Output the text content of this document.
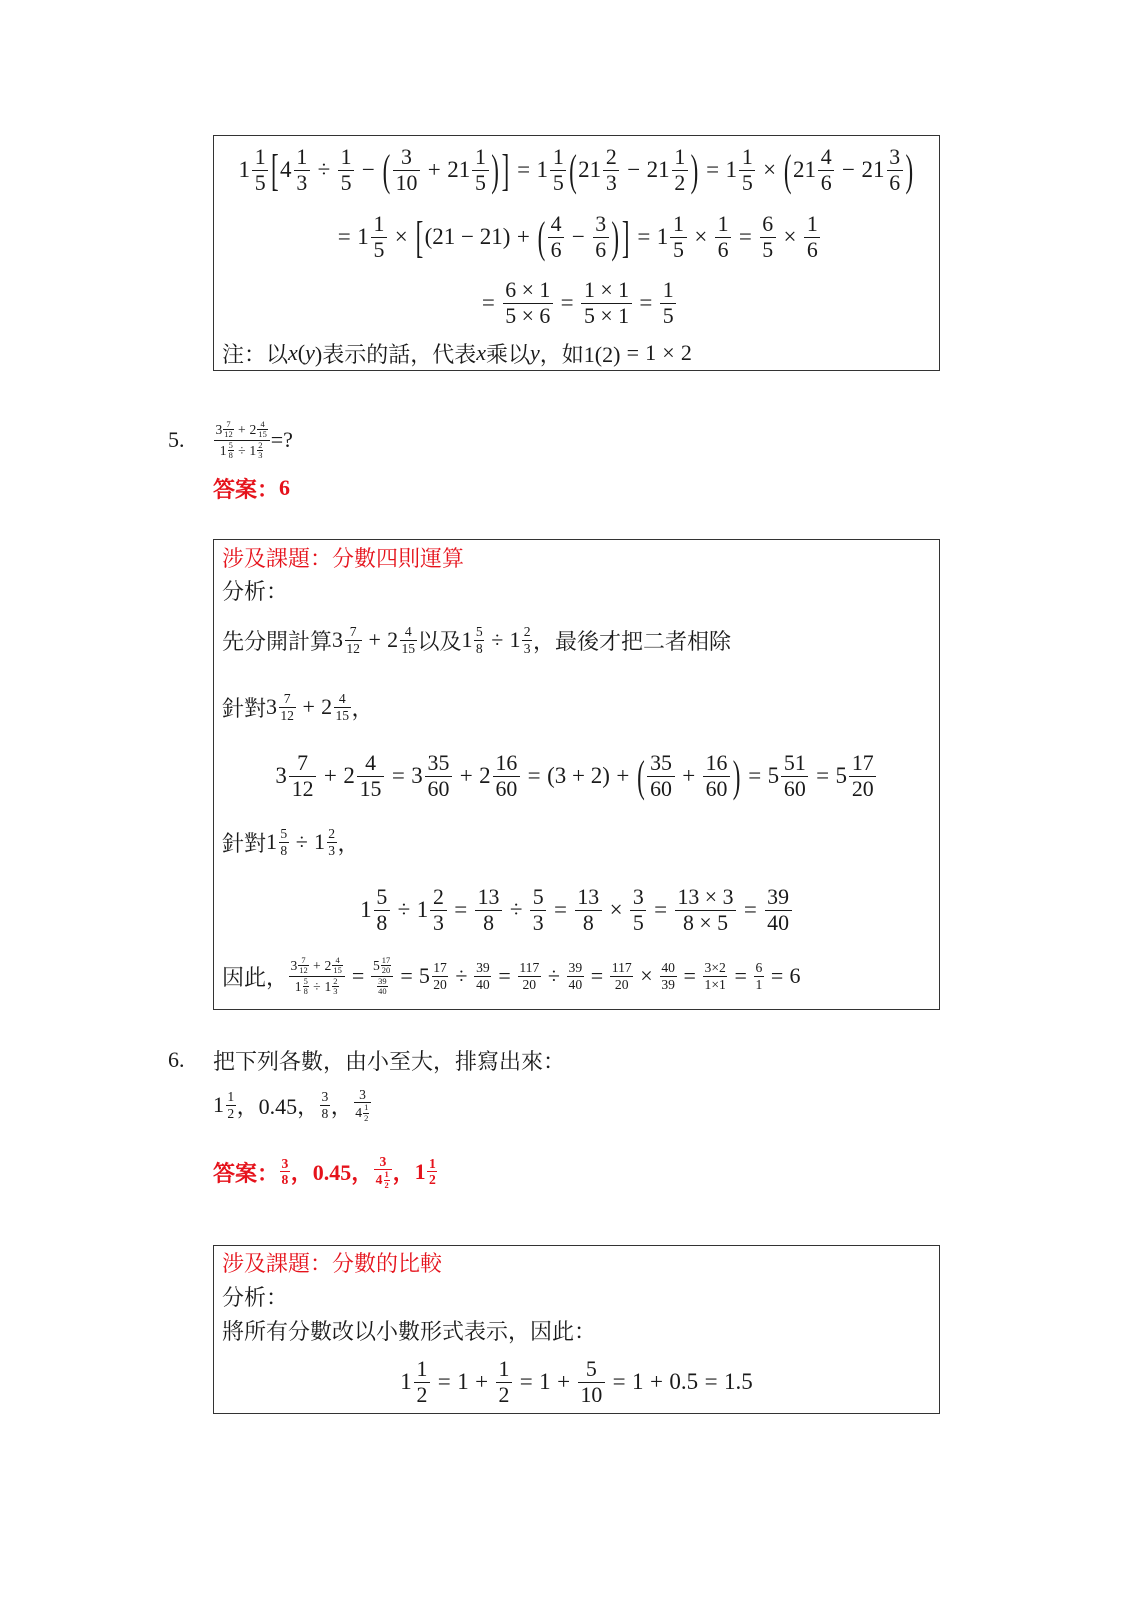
$1 \frac{1}{5}$ [ $4 \frac{1}{3} \div \frac{1}{5}$ − ( $\frac{3}{10} + 21 \frac{1}{5}$ ) ] = $1 \frac{1}{5}$ ( $21 \frac{2}{3} - 21 \frac{1}{2}$ ) = $1 \frac{1}{5}$ × ( $21 \frac{4}{6} - 21 \frac{3}{6}$ )
= $1 \frac{1}{5}$ × [ (21 − 21) + ( $\frac{4}{6} - \frac{3}{6}$ ) ] = $1 \frac{1}{5} \times \frac{1}{6} = \frac{6}{5} \times \frac{1}{6}$
= $\frac{6 \times 1}{5 \times 6} = \frac{1 \times 1}{5 \times 1} = \frac{1}{5}$
注：以 x ( y )表示的話，代表 x 乘以 y ，如1(2) = 1 × 2
5. $\frac{3 \frac{7}{12} + 2 \frac{4}{15}}{1 \frac{5}{8} \div 1 \frac{2}{3}}$ =?
答案： 6
涉及課題：分數四則運算
分析：
先分開計算 $3 \frac{7}{12} + 2 \frac{4}{15}$ 以及 $1 \frac{5}{8} \div 1 \frac{2}{3}$ ，最後才把二者相除
針對 $3 \frac{7}{12} + 2 \frac{4}{15}$ ，
$3 \frac{7}{12} + 2 \frac{4}{15} = 3 \frac{35}{60} + 2 \frac{16}{60} = (3 + 2)$ + ( $\frac{35}{60} + \frac{16}{60}$ ) = $5 \frac{51}{60} = 5 \frac{17}{20}$
針對 $1 \frac{5}{8} \div 1 \frac{2}{3}$ ，
$1 \frac{5}{8} \div 1 \frac{2}{3} = \frac{13}{8} \div \frac{5}{3} = \frac{13}{8} \times \frac{3}{5} = \frac{13 \times 3}{8 \times 5} = \frac{39}{40}$
因此， $\frac{3 \frac{7}{12} + 2 \frac{4}{15}}{1 \frac{5}{8} \div 1 \frac{2}{3}} = \frac{5 \frac{17}{20}}{\frac{39}{40}} = 5 \frac{17}{20} \div \frac{39}{40} = \frac{117}{20} \div \frac{39}{40} = \frac{117}{20} \times \frac{40}{39} = \frac{3\times 2}{1\times 1} = \frac{6}{1} = 6$
6. 把下列各數，由小至大，排寫出來：
$1 \frac{1}{2}$ ，0.45， $\frac{3}{8}$ ， $\frac{3}{4 \frac{1}{2}}$
答案： $\frac{3}{8}$ ，0.45， $\frac{3}{4 \frac{1}{2}}$ ， $1 \frac{1}{2}$
涉及課題：分數的比較
分析：
將所有分數改以小數形式表示，因此：
$1 \frac{1}{2} = 1 + \frac{1}{2} = 1 + \frac{5}{10} = 1 + 0.5 = 1.5$
